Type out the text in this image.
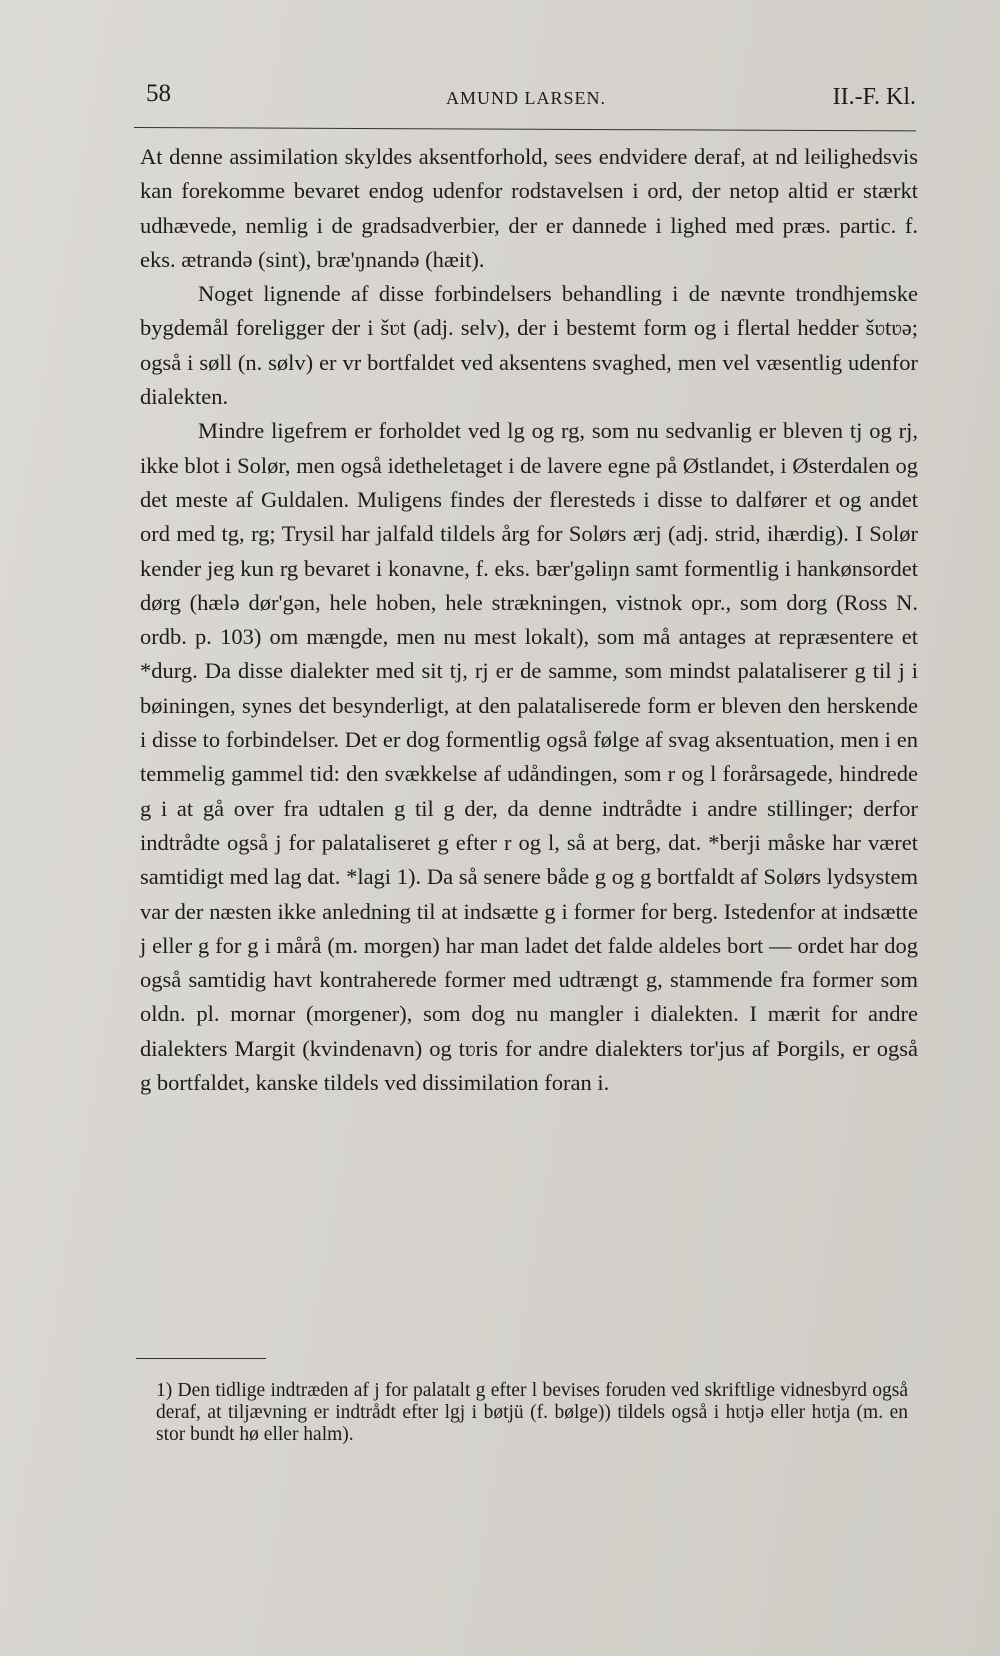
58	AMUND LARSEN.	II.-F. Kl.

At denne assimilation skyldes aksentforhold, sees endvidere deraf, at nd leilighedsvis kan forekomme bevaret endog udenfor rodstavelsen i ord, der netop altid er stærkt udhævede, nemlig i de gradsadverbier, der er dannede i lighed med præs. partic. f. eks. ætrandə (sint), bræ'ŋnandə (hæit).

Noget lignende af disse forbindelsers behandling i de nævnte trondhjemske bygdemål foreligger der i šʋt (adj. selv), der i bestemt form og i flertal hedder šʋtʋə; også i søll (n. sølv) er vr bortfaldet ved aksentens svaghed, men vel væsentlig udenfor dialekten.

Mindre ligefrem er forholdet ved lg og rg, som nu sedvanlig er bleven tj og rj, ikke blot i Solør, men også idetheletaget i de lavere egne på Østlandet, i Østerdalen og det meste af Guldalen. Muligens findes der fleresteds i disse to dalfører et og andet ord med tg, rg; Trysil har jalfald tildels årg for Solørs ærj (adj. strid, ihærdig). I Solør kender jeg kun rg bevaret i konavne, f. eks. bær'gəliŋn samt formentlig i hankønsordet dørg (hælə dør'gən, hele hoben, hele strækningen, vistnok opr., som dorg (Ross N. ordb. p. 103) om mængde, men nu mest lokalt), som må antages at repræsentere et *durg. Da disse dialekter med sit tj, rj er de samme, som mindst palataliserer g til j i bøiningen, synes det besynderligt, at den palataliserede form er bleven den herskende i disse to forbindelser. Det er dog formentlig også følge af svag aksentuation, men i en temmelig gammel tid: den svækkelse af udåndingen, som r og l forårsagede, hindrede g i at gå over fra udtalen g til g der, da denne indtrådte i andre stillinger; derfor indtrådte også j for palataliseret g efter r og l, så at berg, dat. *berji måske har været samtidigt med lag dat. *lagi 1). Da så senere både g og g bortfaldt af Solørs lydsystem var der næsten ikke anledning til at indsætte g i former for berg. Istedenfor at indsætte j eller g for g i mårå (m. morgen) har man ladet det falde aldeles bort — ordet har dog også samtidig havt kontraherede former med udtrængt g, stammende fra former som oldn. pl. mornar (morgener), som dog nu mangler i dialekten. I mærit for andre dialekters Margit (kvindenavn) og tʋris for andre dialekters tor'jus af Þorgils, er også g bortfaldet, kanske tildels ved dissimilation foran i.

1) Den tidlige indtræden af j for palatalt g efter l bevises foruden ved skriftlige vidnesbyrd også deraf, at tiljævning er indtrådt efter lgj i bøtjü (f. bølge)) tildels også i hʋtjə eller hʋtja (m. en stor bundt hø eller halm).
